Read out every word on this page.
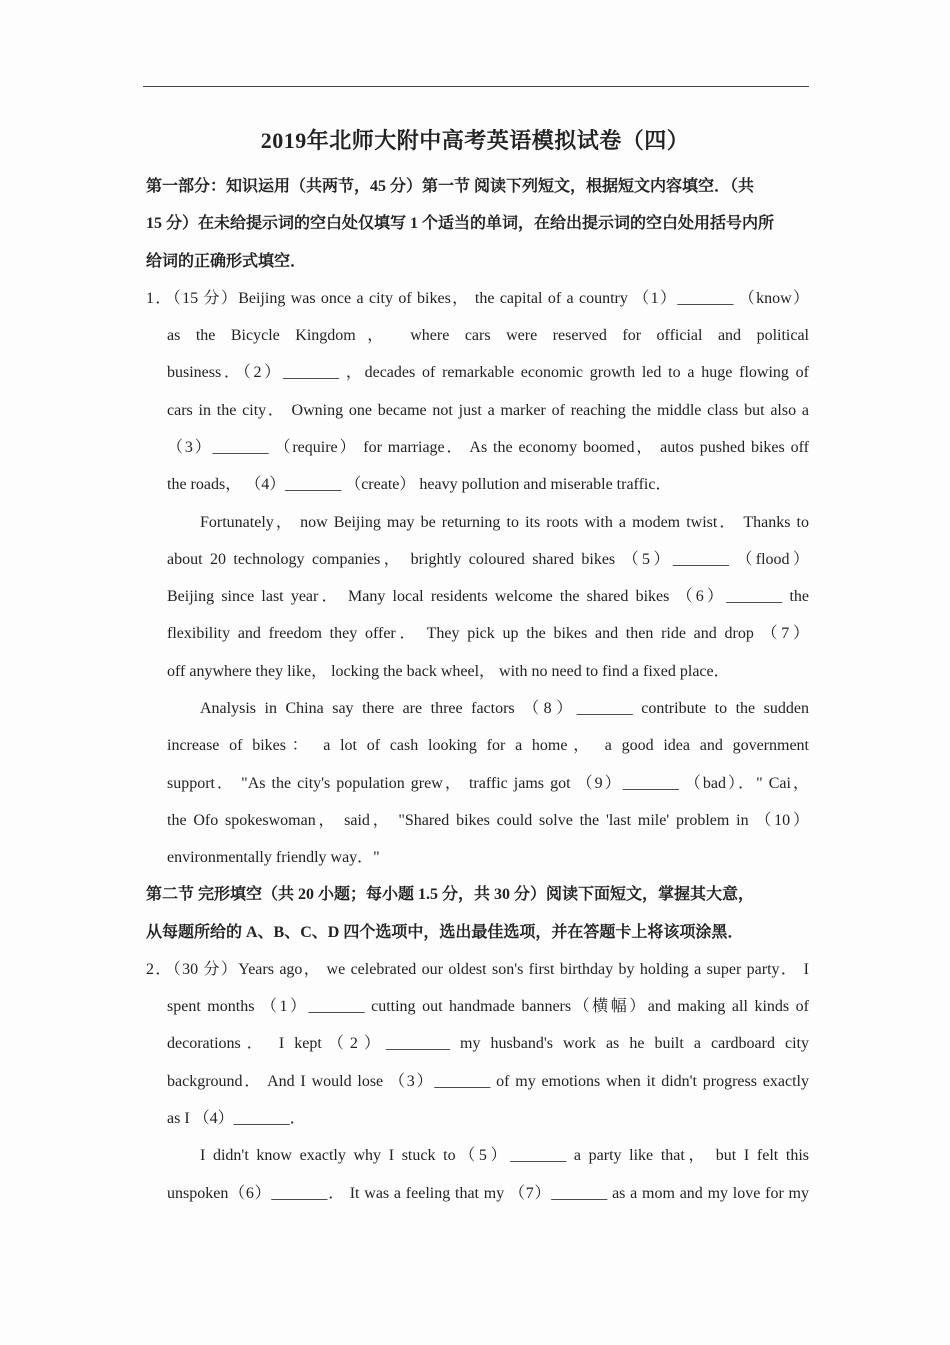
2019年北师大附中高考英语模拟试卷（四）
第一部分：知识运用（共两节，45 分）第一节 阅读下列短文，根据短文内容填空．（共
15 分）在未给提示词的空白处仅填写 1 个适当的单词，在给出提示词的空白处用括号内所
给词的正确形式填空．
1．（15 分）Beijing was once a city of bikes， the capital of a country （1）_______ （know）
as the Bicycle Kingdom， where cars were reserved for official and political
business．（2）_______ ，decades of remarkable economic growth led to a huge flowing of
cars in the city． Owning one became not just a marker of reaching the middle class but also a
（3）_______ （require） for marriage． As the economy boomed， autos pushed bikes off
the roads， （4）_______ （create） heavy pollution and miserable traffic．
Fortunately， now Beijing may be returning to its roots with a modem twist． Thanks to
about 20 technology companies， brightly coloured shared bikes （5）_______ （flood）
Beijing since last year． Many local residents welcome the shared bikes （6）_______ the
flexibility and freedom they offer． They pick up the bikes and then ride and drop （7）
off anywhere they like， locking the back wheel， with no need to find a fixed place．
Analysis in China say there are three factors （8）_______ contribute to the sudden
increase of bikes： a lot of cash looking for a home， a good idea and government
support． "As the city's population grew， traffic jams got （9）_______ （bad）．" Cai，
the Ofo spokeswoman， said， "Shared bikes could solve the 'last mile' problem in （10）
environmentally friendly way．"
第二节 完形填空（共 20 小题；每小题 1.5 分，共 30 分）阅读下面短文，掌握其大意，
从每题所给的 A、B、C、D 四个选项中，选出最佳选项，并在答题卡上将该项涂黑．
2．（30 分）Years ago， we celebrated our oldest son's first birthday by holding a super party． I
spent months （1）_______ cutting out handmade banners（横幅）and making all kinds of
decorations． I kept（2）________ my husband's work as he built a cardboard city
background． And I would lose （3）_______ of my emotions when it didn't progress exactly
as I （4）_______．
I didn't know exactly why I stuck to（5）_______ a party like that， but I felt this
unspoken（6）_______． It was a feeling that my （7）_______ as a mom and my love for my
